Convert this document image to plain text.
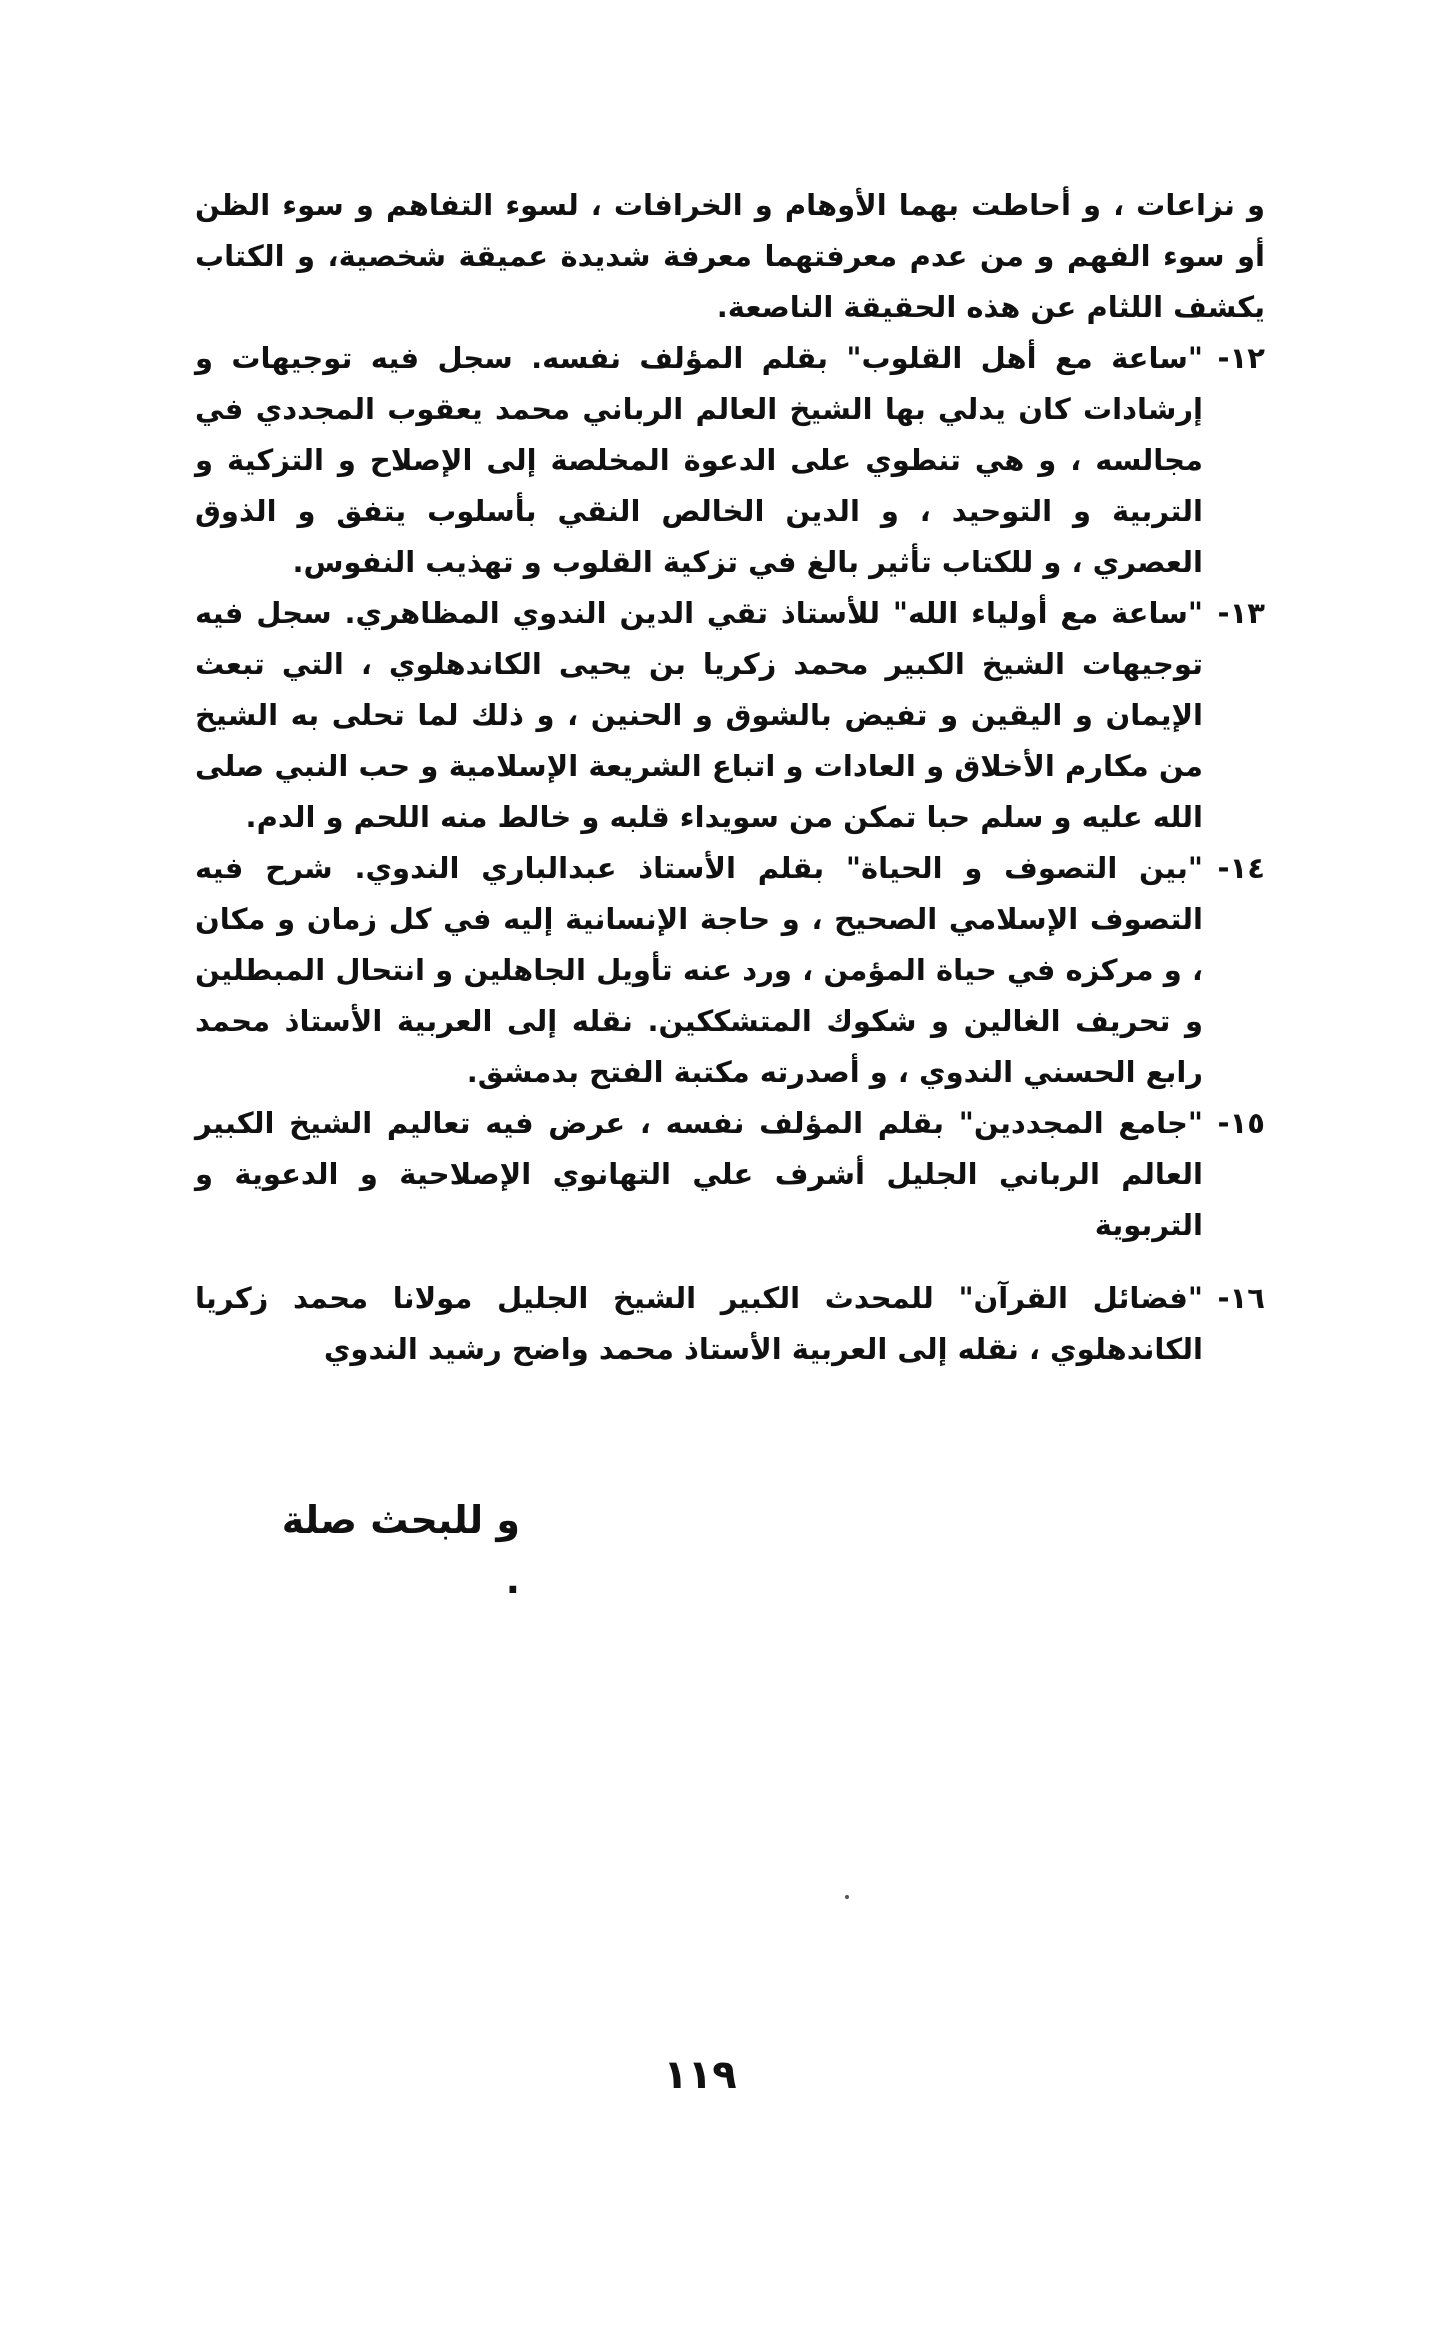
و نزاعات ، و أحاطت بهما الأوهام و الخرافات ، لسوء التفاهم و سوء الظن أو سوء الفهم و من عدم معرفتهما معرفة شديدة عميقة شخصية، و الكتاب يكشف اللثام عن هذه الحقيقة الناصعة.

١٢-
"ساعة مع أهل القلوب" بقلم المؤلف نفسه. سجل فيه توجيهات و إرشادات كان يدلي بها الشيخ العالم الرباني محمد يعقوب المجددي في مجالسه ، و هي تنطوي على الدعوة المخلصة إلى الإصلاح و التزكية و التربية و التوحيد ، و الدين الخالص النقي بأسلوب يتفق و الذوق العصري ، و للكتاب تأثير بالغ في تزكية القلوب و تهذيب النفوس.
١٣-
"ساعة مع أولياء الله" للأستاذ تقي الدين الندوي المظاهري. سجل فيه توجيهات الشيخ الكبير محمد زكريا بن يحيى الكاندهلوي ، التي تبعث الإيمان و اليقين و تفيض بالشوق و الحنين ، و ذلك لما تحلى به الشيخ من مكارم الأخلاق و العادات و اتباع الشريعة الإسلامية و حب النبي صلى الله عليه و سلم حبا تمكن من سويداء قلبه و خالط منه اللحم و الدم.
١٤-
"بين التصوف و الحياة" بقلم الأستاذ عبدالباري الندوي. شرح فيه التصوف الإسلامي الصحيح ، و حاجة الإنسانية إليه في كل زمان و مكان ، و مركزه في حياة المؤمن ، ورد عنه تأويل الجاهلين و انتحال المبطلين و تحريف الغالين و شكوك المتشككين. نقله إلى العربية الأستاذ محمد رابع الحسني الندوي ، و أصدرته مكتبة الفتح بدمشق.
١٥-
"جامع المجددين" بقلم المؤلف نفسه ، عرض فيه تعاليم الشيخ الكبير العالم الرباني الجليل أشرف علي التهانوي الإصلاحية و الدعوية و التربوية
١٦-
"فضائل القرآن" للمحدث الكبير الشيخ الجليل مولانا محمد زكريا الكاندهلوي ، نقله إلى العربية الأستاذ محمد واضح رشيد الندوي
و للبحث صلة .
١١٩
